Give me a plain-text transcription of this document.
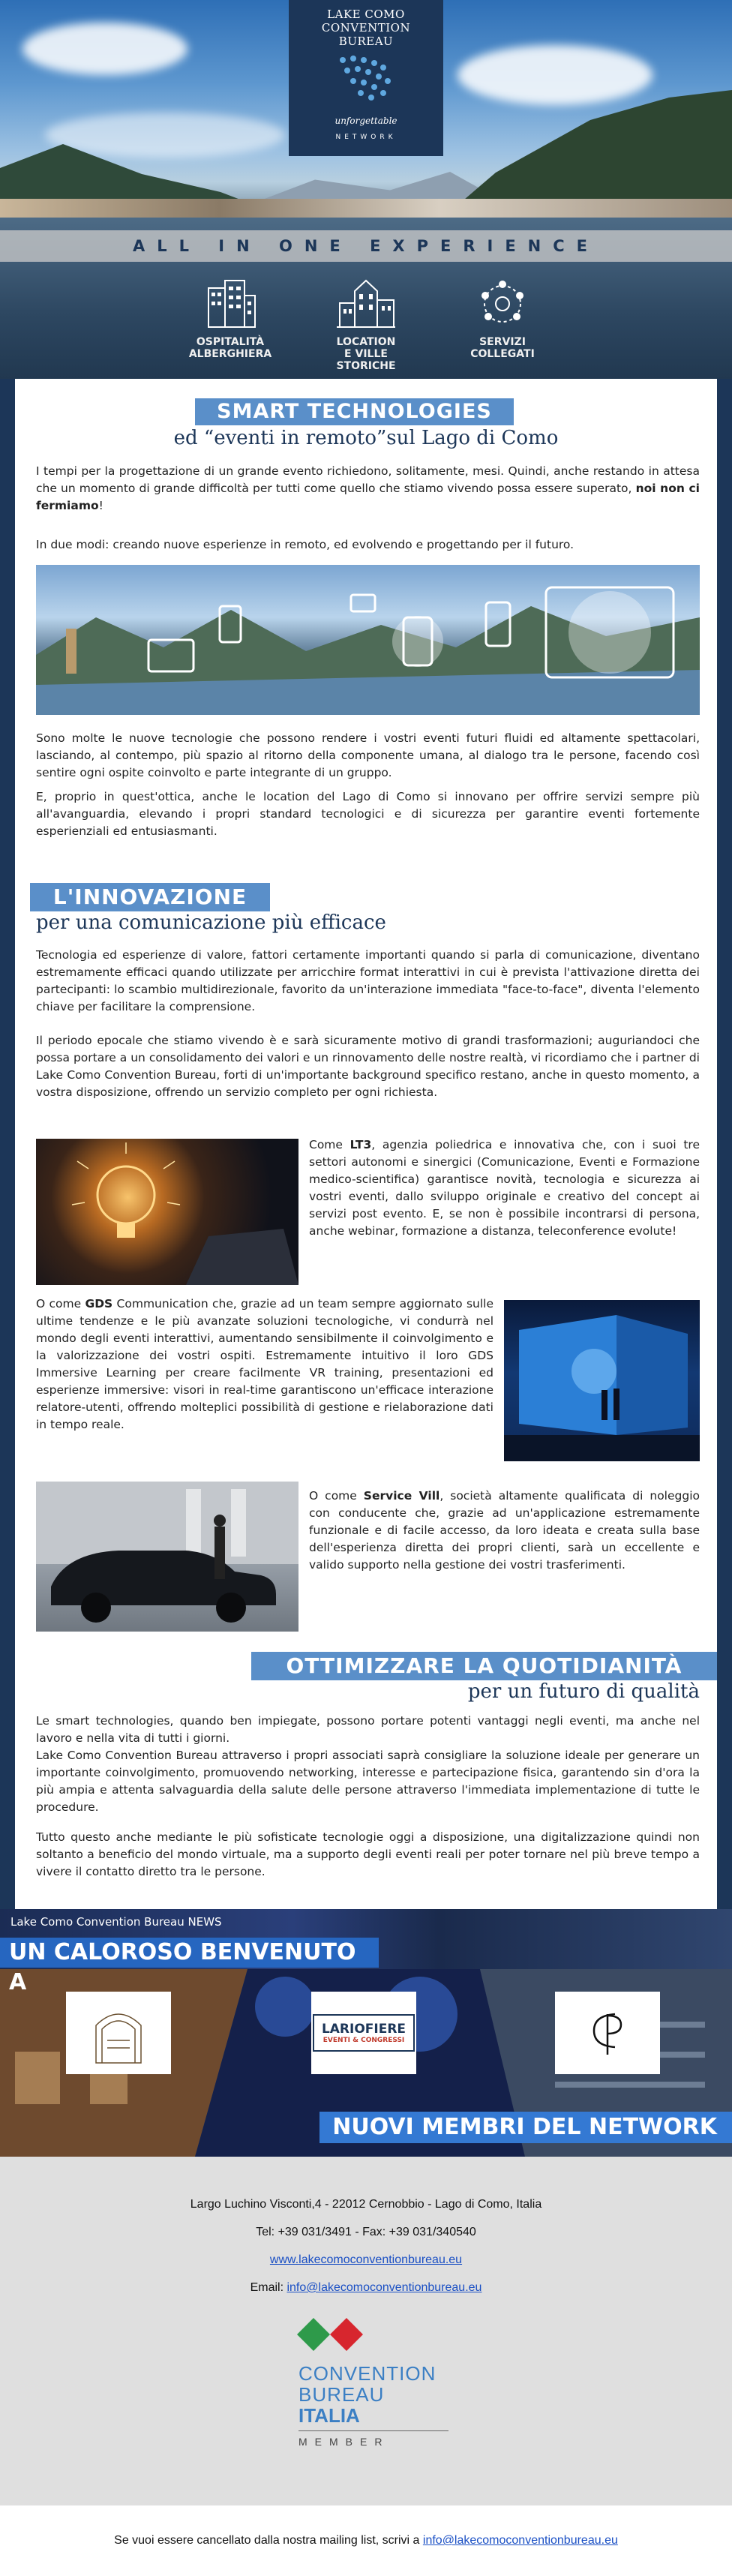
LAKE COMO
CONVENTION
BUREAU
unforgettable
NETWORK
ALL IN ONE EXPERIENCE
OSPITALITÀ
ALBERGHIERA
LOCATION
E VILLE STORICHE
SERVIZI
COLLEGATI
SMART TECHNOLOGIES
ed “eventi in remoto”sul Lago di Como
I tempi per la progettazione di un grande evento richiedono, solitamente, mesi. Quindi, anche restando in attesa che un momento di grande difficoltà per tutti come quello che stiamo vivendo possa essere superato, noi non ci fermiamo!
In due modi: creando nuove esperienze in remoto, ed evolvendo e progettando per il futuro.
Sono molte le nuove tecnologie che possono rendere i vostri eventi futuri fluidi ed altamente spettacolari, lasciando, al contempo, più spazio al ritorno della componente umana, al dialogo tra le persone, facendo così sentire ogni ospite coinvolto e parte integrante di un gruppo.
E, proprio in quest'ottica, anche le location del Lago di Como si innovano per offrire servizi sempre più all'avanguardia, elevando i propri standard tecnologici e di sicurezza per garantire eventi fortemente esperienziali ed entusiasmanti.
L'INNOVAZIONE
per una comunicazione più efficace
Tecnologia ed esperienze di valore, fattori certamente importanti quando si parla di comunicazione, diventano estremamente efficaci quando utilizzate per arricchire format interattivi in cui è prevista l'attivazione diretta dei partecipanti: lo scambio multidirezionale, favorito da un'interazione immediata "face-to-face", diventa l'elemento chiave per facilitare la comprensione.
Il periodo epocale che stiamo vivendo è e sarà sicuramente motivo di grandi trasformazioni; auguriandoci che possa portare a un consolidamento dei valori e un rinnovamento delle nostre realtà, vi ricordiamo che i partner di Lake Como Convention Bureau, forti di un'importante background specifico restano, anche in questo momento, a vostra disposizione, offrendo un servizio completo per ogni richiesta.
Come LT3, agenzia poliedrica e innovativa che, con i suoi tre settori autonomi e sinergici (Comunicazione, Eventi e Formazione medico-scientifica) garantisce novità, tecnologia e sicurezza ai vostri eventi, dallo sviluppo originale e creativo del concept ai servizi post evento. E, se non è possibile incontrarsi di persona, anche webinar, formazione a distanza, teleconference evolute!
O come GDS Communication che, grazie ad un team sempre aggiornato sulle ultime tendenze e le più avanzate soluzioni tecnologiche, vi condurrà nel mondo degli eventi interattivi, aumentando sensibilmente il coinvolgimento e la valorizzazione dei vostri ospiti. Estremamente intuitivo il loro GDS Immersive Learning per creare facilmente VR training, presentazioni ed esperienze immersive: visori in real-time garantiscono un'efficace interazione relatore-utenti, offrendo molteplici possibilità di gestione e rielaborazione dati in tempo reale.
O come Service Vill, società altamente qualificata di noleggio con conducente che, grazie ad un'applicazione estremamente funzionale e di facile accesso, da loro ideata e creata sulla base dell'esperienza diretta dei propri clienti, sarà un eccellente e valido supporto nella gestione dei vostri trasferimenti.
OTTIMIZZARE LA QUOTIDIANITÀ
per un futuro di qualità
Le smart technologies, quando ben impiegate, possono portare potenti vantaggi negli eventi, ma anche nel lavoro e nella vita di tutti i giorni.
Lake Como Convention Bureau attraverso i propri associati saprà consigliare la soluzione ideale per generare un importante coinvolgimento, promuovendo networking, interesse e partecipazione fisica, garantendo sin d'ora la più ampia e attenta salvaguardia della salute delle persone attraverso l'immediata implementazione di tutte le procedure.
Tutto questo anche mediante le più sofisticate tecnologie oggi a disposizione, una digitalizzazione quindi non soltanto a beneficio del mondo virtuale, ma a supporto degli eventi reali per poter tornare nel più breve tempo a vivere il contatto diretto tra le persone.
Lake Como Convention Bureau NEWS
UN CALOROSO BENVENUTO A
LARIOFIERE
EVENTI & CONGRESSI
NUOVI MEMBRI DEL NETWORK
Largo Luchino Visconti,4 - 22012 Cernobbio - Lago di Como, Italia
Tel: +39 031/3491 - Fax: +39 031/340540
www.lakecomoconventionbureau.eu
Email: info@lakecomoconventionbureau.eu
CONVENTION
BUREAU
ITALIA
MEMBER
Se vuoi essere cancellato dalla nostra mailing list, scrivi a info@lakecomoconventionbureau.eu
